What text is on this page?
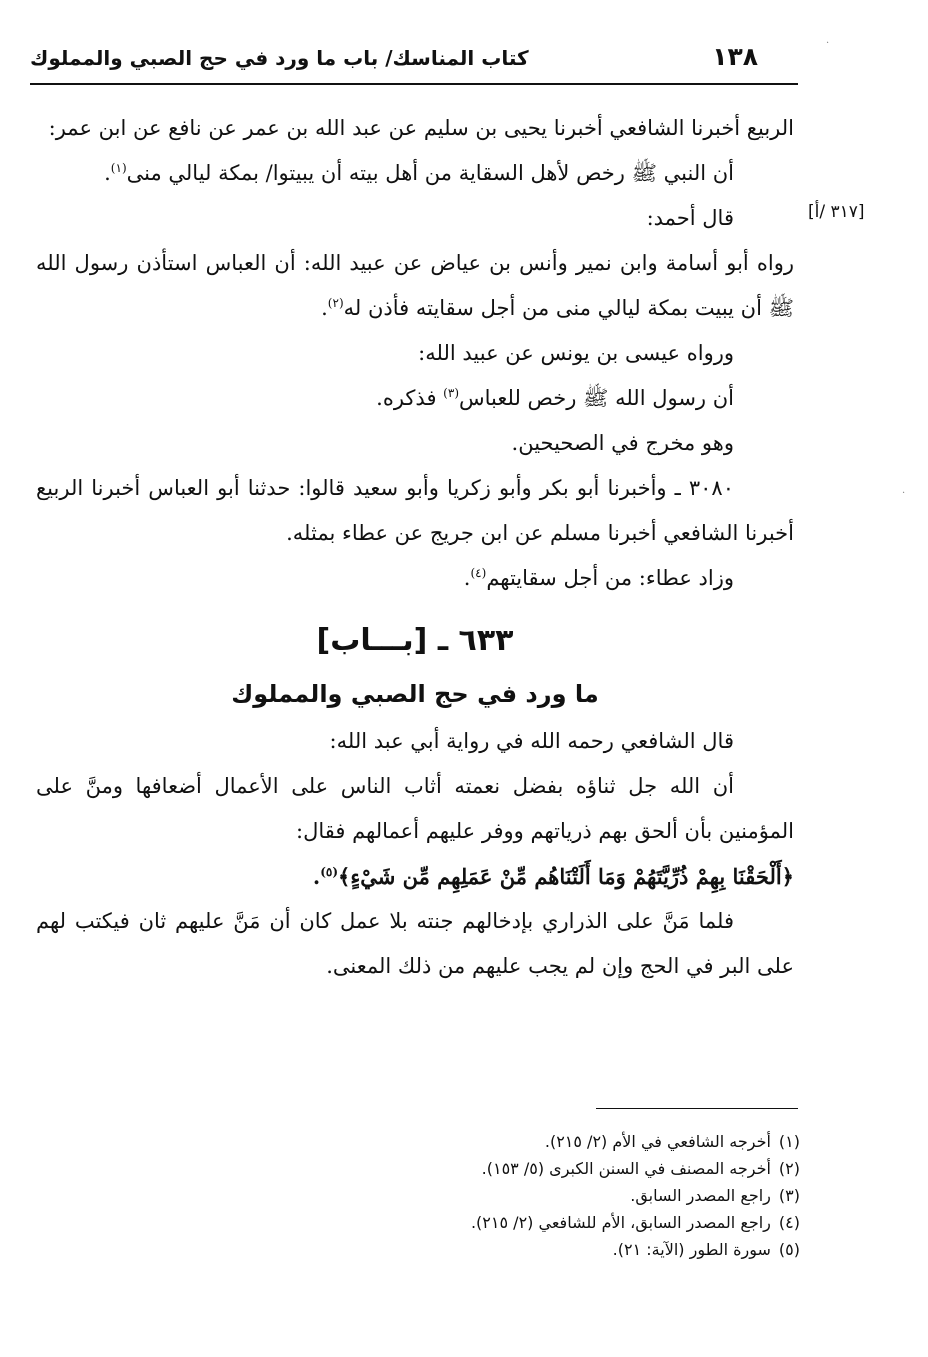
١٣٨
كتاب المناسك/ باب ما ورد في حج الصبي والمملوك
[٣١٧ /أ]

الربيع أخبرنا الشافعي أخبرنا يحيى بن سليم عن عبد الله بن عمر عن نافع عن ابن عمر:

أن النبي ﷺ رخص لأهل السقاية من أهل بيته أن يبيتوا/ بمكة ليالي منى$^{(١)}$.

قال أحمد:

رواه أبو أسامة وابن نمير وأنس بن عياض عن عبيد الله: أن العباس استأذن رسول الله ﷺ أن يبيت بمكة ليالي منى من أجل سقايته فأذن له$^{(٢)}$.

ورواه عيسى بن يونس عن عبيد الله:

أن رسول الله ﷺ رخص للعباس$^{(٣)}$ فذكره.

وهو مخرج في الصحيحين.

٣٠٨٠ ـ وأخبرنا أبو بكر وأبو زكريا وأبو سعيد قالوا: حدثنا أبو العباس أخبرنا الربيع أخبرنا الشافعي أخبرنا مسلم عن ابن جريج عن عطاء بمثله.

وزاد عطاء: من أجل سقايتهم$^{(٤)}$.

٦٣٣ ـ [بـــاب]

ما ورد في حج الصبي والمملوك

قال الشافعي رحمه الله في رواية أبي عبد الله:

أن الله جل ثناؤه بفضل نعمته أثاب الناس على الأعمال أضعافها ومنَّ على المؤمنين بأن ألحق بهم ذرياتهم ووفر عليهم أعمالهم فقال:

﴿أَلْحَقْنَا بِهِمْ ذُرِّيَّتَهُمْ وَمَا أَلَتْنَاهُم مِّنْ عَمَلِهِم مِّن شَيْءٍ﴾$^{(٥)}$.

فلما مَنَّ على الذراري بإدخالهم جنته بلا عمل كان أن مَنَّ عليهم ثان فيكتب لهم على البر في الحج وإن لم يجب عليهم من ذلك المعنى.

(١) أخرجه الشافعي في الأم (٢/ ٢١٥).
(٢) أخرجه المصنف في السنن الكبرى (٥/ ١٥٣).
(٣) راجع المصدر السابق.
(٤) راجع المصدر السابق، الأم للشافعي (٢/ ٢١٥).
(٥) سورة الطور (الآية: ٢١).
·
·
